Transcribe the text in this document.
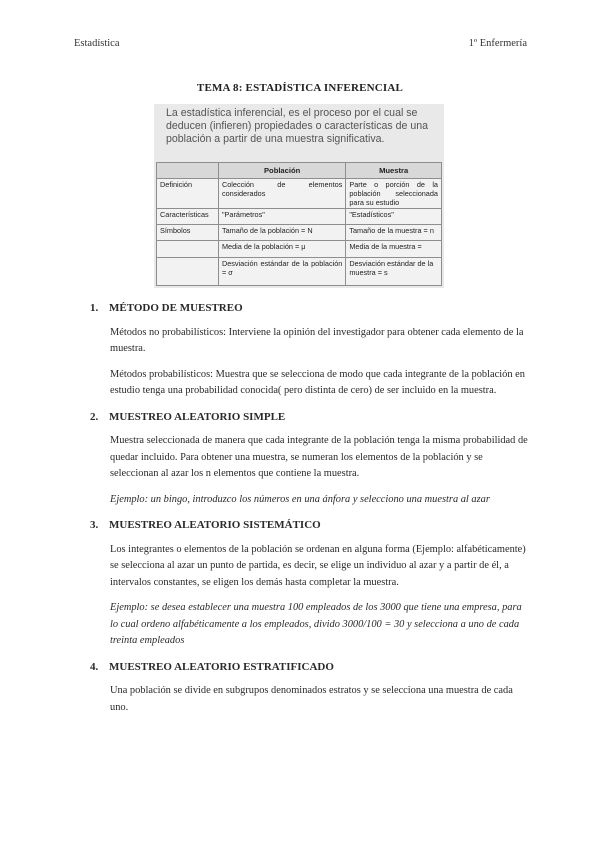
Estadística	1º Enfermería
TEMA 8: ESTADÍSTICA INFERENCIAL
La estadística inferencial, es el proceso por el cual se deducen (infieren) propiedades o características de una población a partir de una muestra significativa.
	Población	Muestra
Definición	Colección de elementos considerados	Parte o porción de la población seleccionada para su estudio
Características	"Parámetros"	"Estadísticos"
Símbolos	Tamaño de la población = N	Tamaño de la muestra = n
	Media de la población = μ	Media de la muestra =
	Desviación estándar de la población = σ	Desviación estándar de la muestra = s
1. MÉTODO DE MUESTREO

Métodos no probabilísticos: Interviene la opinión del investigador para obtener cada elemento de la muestra.

Métodos probabilísticos: Muestra que se selecciona de modo que cada integrante de la población en estudio tenga una probabilidad conocida( pero distinta de cero) de ser incluido en la muestra.

2. MUESTREO ALEATORIO SIMPLE

Muestra seleccionada de manera que cada integrante de la población tenga la misma probabilidad de quedar incluido. Para obtener una muestra, se numeran los elementos de la población y se seleccionan al azar los n elementos que contiene la muestra.

Ejemplo: un bingo, introduzco los números en una ánfora y selecciono una muestra al azar

3. MUESTREO ALEATORIO SISTEMÁTICO

Los integrantes o elementos de la población se ordenan en alguna forma (Ejemplo: alfabéticamente) se selecciona al azar un punto de partida, es decir, se elige un individuo al azar y a partir de él, a intervalos constantes, se eligen los demás hasta completar la muestra.

Ejemplo: se desea establecer una muestra 100 empleados de los 3000 que tiene una empresa, para lo cual ordeno alfabéticamente a los empleados, divido 3000/100 = 30 y selecciona a uno de cada treinta empleados

4. MUESTREO ALEATORIO ESTRATIFICADO

Una población se divide en subgrupos denominados estratos y se selecciona una muestra de cada uno.
